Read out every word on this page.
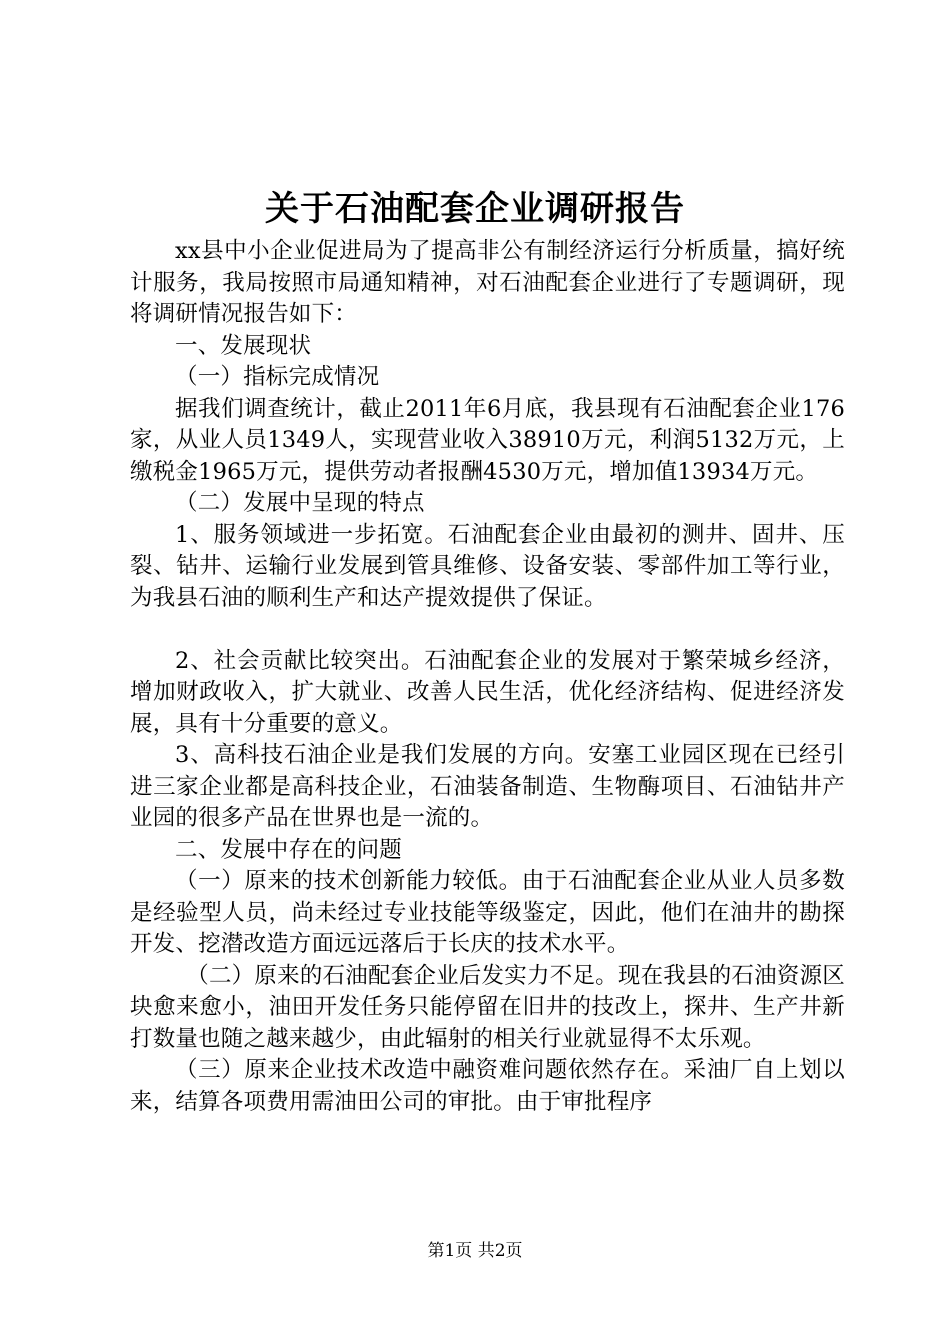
关于石油配套企业调研报告

xx县中小企业促进局为了提高非公有制经济运行分析质量，搞好统计服务，我局按照市局通知精神，对石油配套企业进行了专题调研，现将调研情况报告如下：

一、发展现状

（一）指标完成情况

据我们调查统计，截止2011年6月底，我县现有石油配套企业176家，从业人员1349人，实现营业收入38910万元，利润5132万元，上缴税金1965万元，提供劳动者报酬4530万元，增加值13934万元。

（二）发展中呈现的特点

1、服务领域进一步拓宽。石油配套企业由最初的测井、固井、压裂、钻井、运输行业发展到管具维修、设备安装、零部件加工等行业，为我县石油的顺利生产和达产提效提供了保证。

2、社会贡献比较突出。石油配套企业的发展对于繁荣城乡经济，增加财政收入，扩大就业、改善人民生活，优化经济结构、促进经济发展，具有十分重要的意义。

3、高科技石油企业是我们发展的方向。安塞工业园区现在已经引进三家企业都是高科技企业，石油装备制造、生物酶项目、石油钻井产业园的很多产品在世界也是一流的。

二、发展中存在的问题

（一）原来的技术创新能力较低。由于石油配套企业从业人员多数是经验型人员，尚未经过专业技能等级鉴定，因此，他们在油井的勘探开发、挖潜改造方面远远落后于长庆的技术水平。

（二）原来的石油配套企业后发实力不足。现在我县的石油资源区块愈来愈小，油田开发任务只能停留在旧井的技改上，探井、生产井新打数量也随之越来越少，由此辐射的相关行业就显得不太乐观。

（三）原来企业技术改造中融资难问题依然存在。采油厂自上划以来，结算各项费用需油田公司的审批。由于审批程序

第1页 共2页
